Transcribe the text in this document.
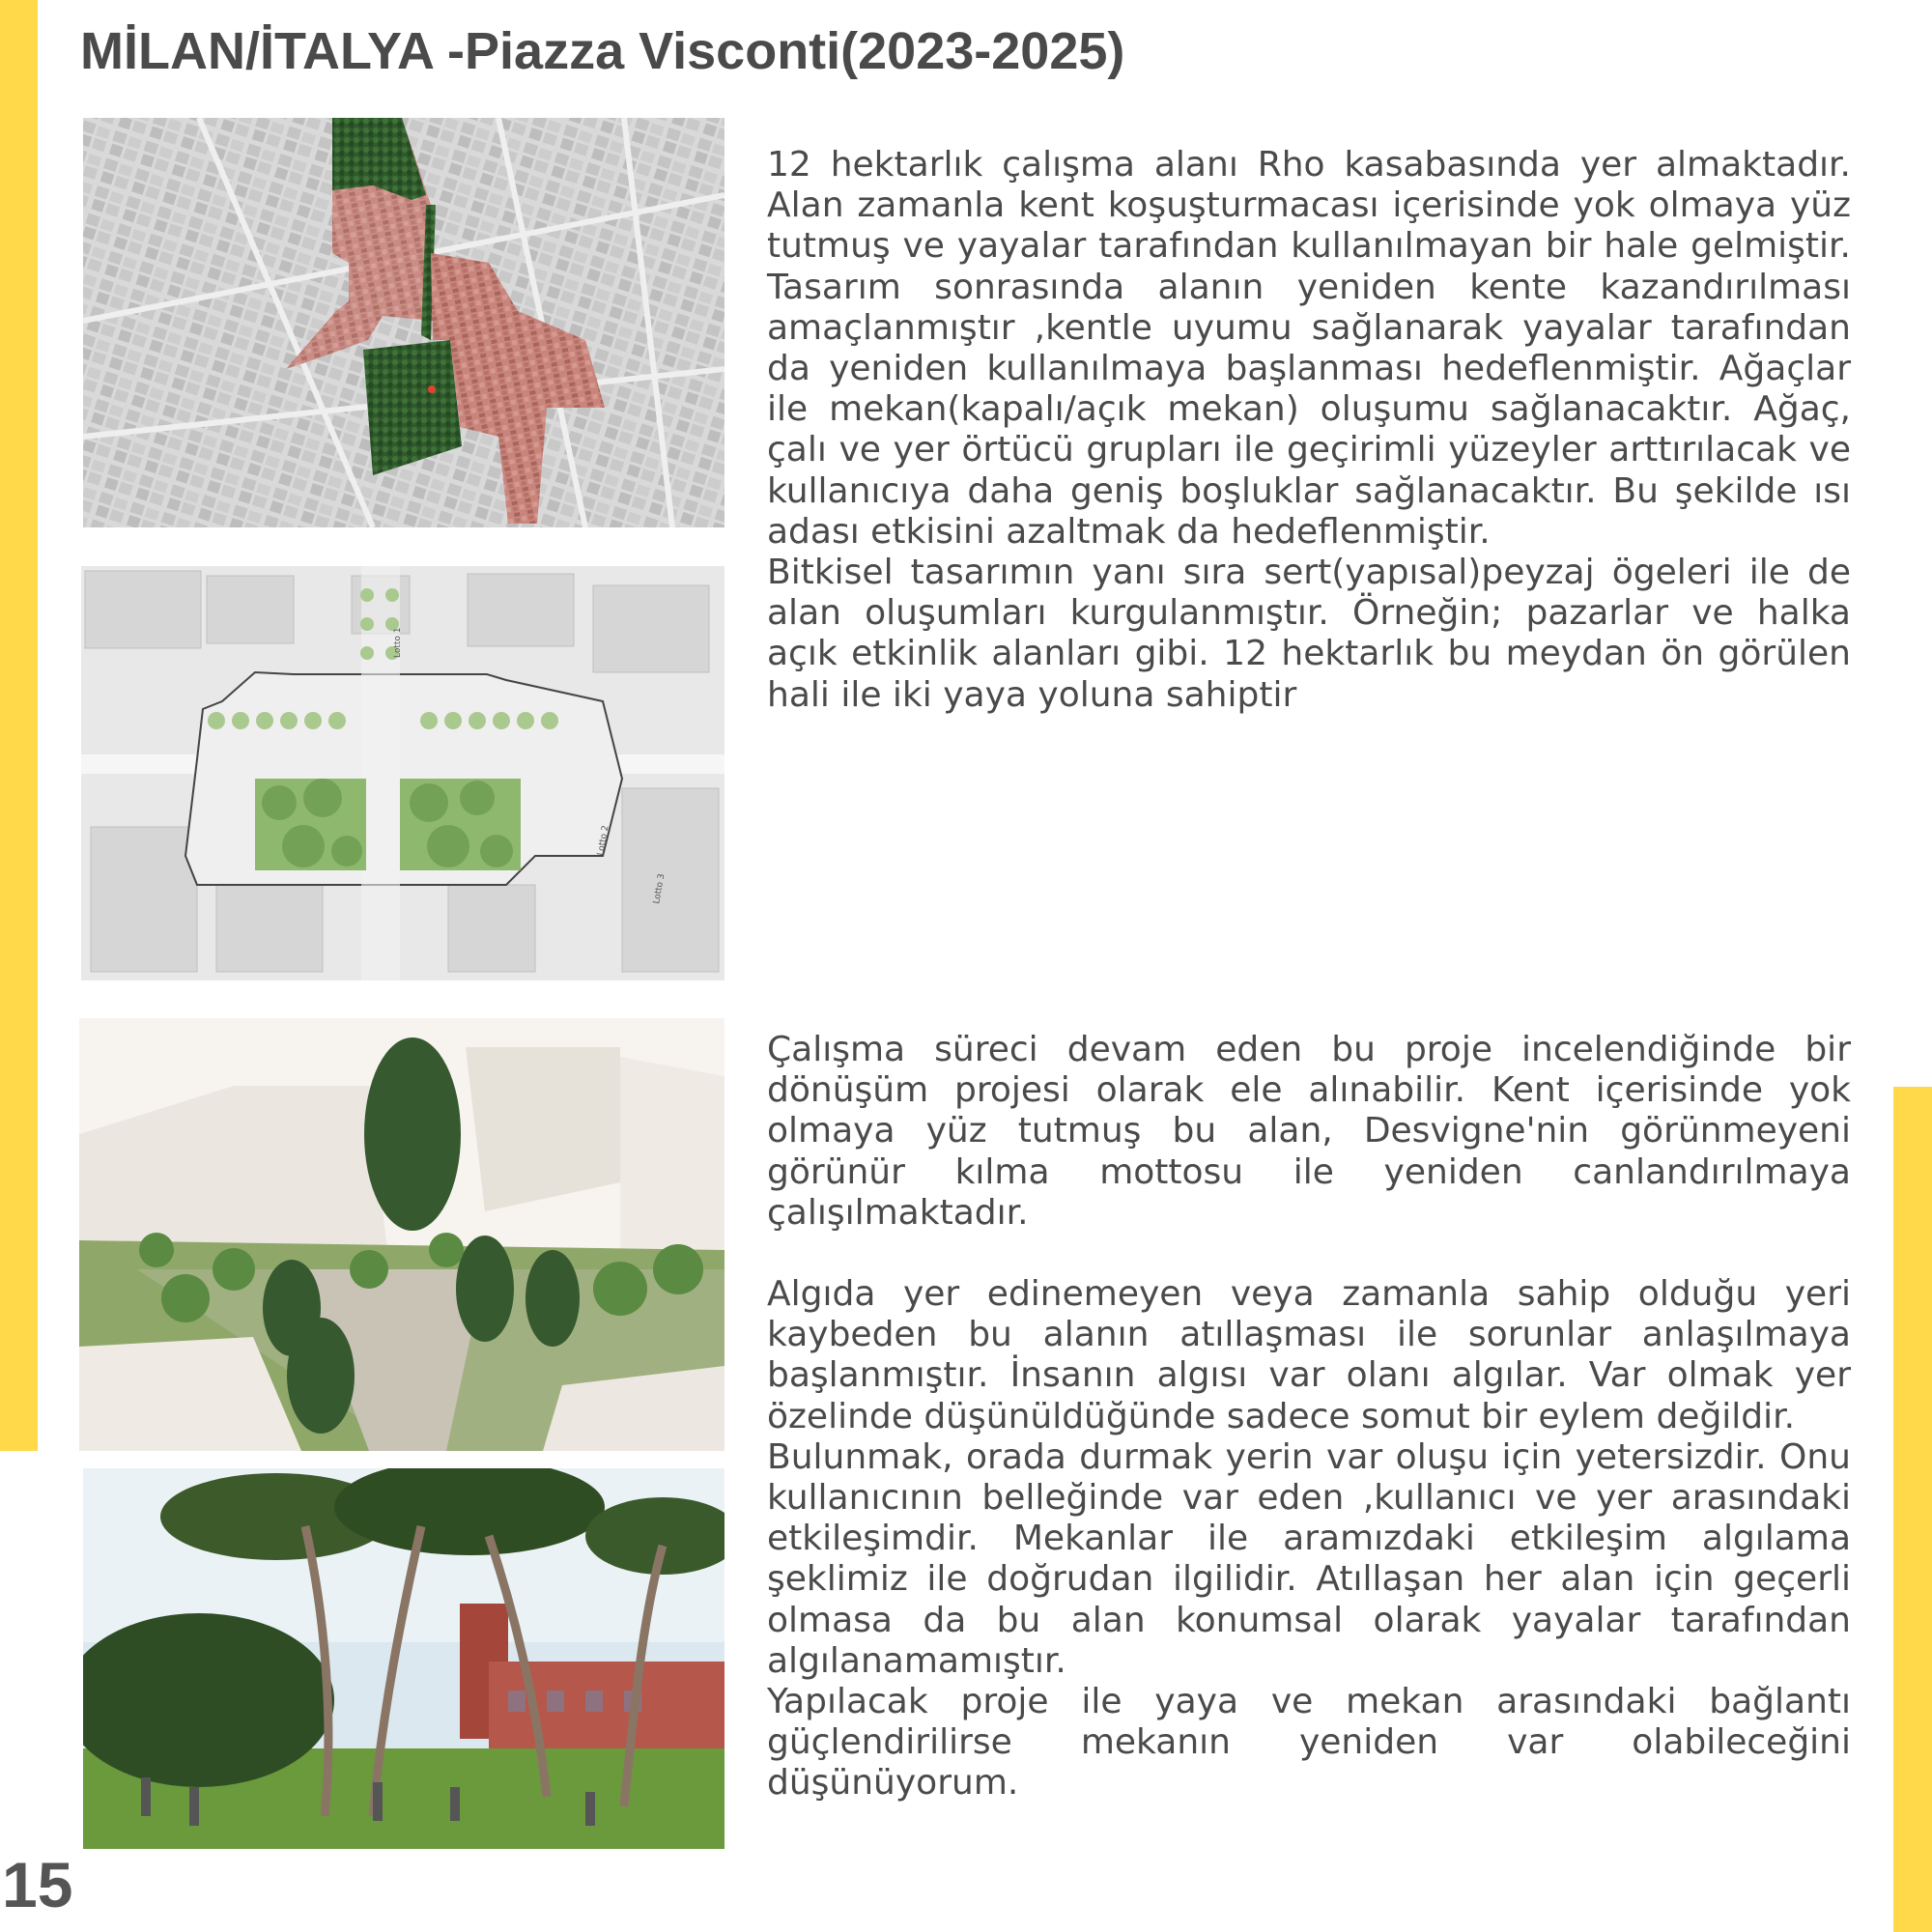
MİLAN/İTALYA -Piazza Visconti(2023-2025)
Lotto 1
Lotto 2
Lotto 3

12 hektarlık çalışma alanı Rho kasabasında yer almaktadır. Alan zamanla kent koşuşturmacası içerisinde yok olmaya yüz tutmuş ve yayalar tarafından kullanılmayan bir hale gelmiştir. Tasarım sonrasında alanın yeniden kente kazandırılması amaçlanmıştır ,kentle uyumu sağlanarak yayalar tarafından da yeniden kullanılmaya başlanması hedeflenmiştir. Ağaçlar ile mekan(kapalı/açık mekan) oluşumu sağlanacaktır. Ağaç, çalı ve yer örtücü grupları ile geçirimli yüzeyler arttırılacak ve kullanıcıya daha geniş boşluklar sağlanacaktır. Bu şekilde ısı adası etkisini azaltmak da hedeflenmiştir.

Bitkisel tasarımın yanı sıra sert(yapısal)peyzaj ögeleri ile de alan oluşumları kurgulanmıştır. Örneğin; pazarlar ve halka açık etkinlik alanları gibi. 12 hektarlık bu meydan ön görülen hali ile iki yaya yoluna sahiptir

Çalışma süreci devam eden bu proje incelendiğinde bir dönüşüm projesi olarak ele alınabilir. Kent içerisinde yok olmaya yüz tutmuş bu alan, Desvigne'nin görünmeyeni görünür kılma mottosu ile yeniden canlandırılmaya çalışılmaktadır.

Algıda yer edinemeyen veya zamanla sahip olduğu yeri kaybeden bu alanın atıllaşması ile sorunlar anlaşılmaya başlanmıştır. İnsanın algısı var olanı algılar. Var olmak yer özelinde düşünüldüğünde sadece somut bir eylem değildir.

Bulunmak, orada durmak yerin var oluşu için yetersizdir. Onu kullanıcının belleğinde var eden ,kullanıcı ve yer arasındaki etkileşimdir. Mekanlar ile aramızdaki etkileşim algılama şeklimiz ile doğrudan ilgilidir. Atıllaşan her alan için geçerli olmasa da bu alan konumsal olarak yayalar tarafından algılanamamıştır.

Yapılacak proje ile yaya ve mekan arasındaki bağlantı güçlendirilirse mekanın yeniden var olabileceğini düşünüyorum.

15
